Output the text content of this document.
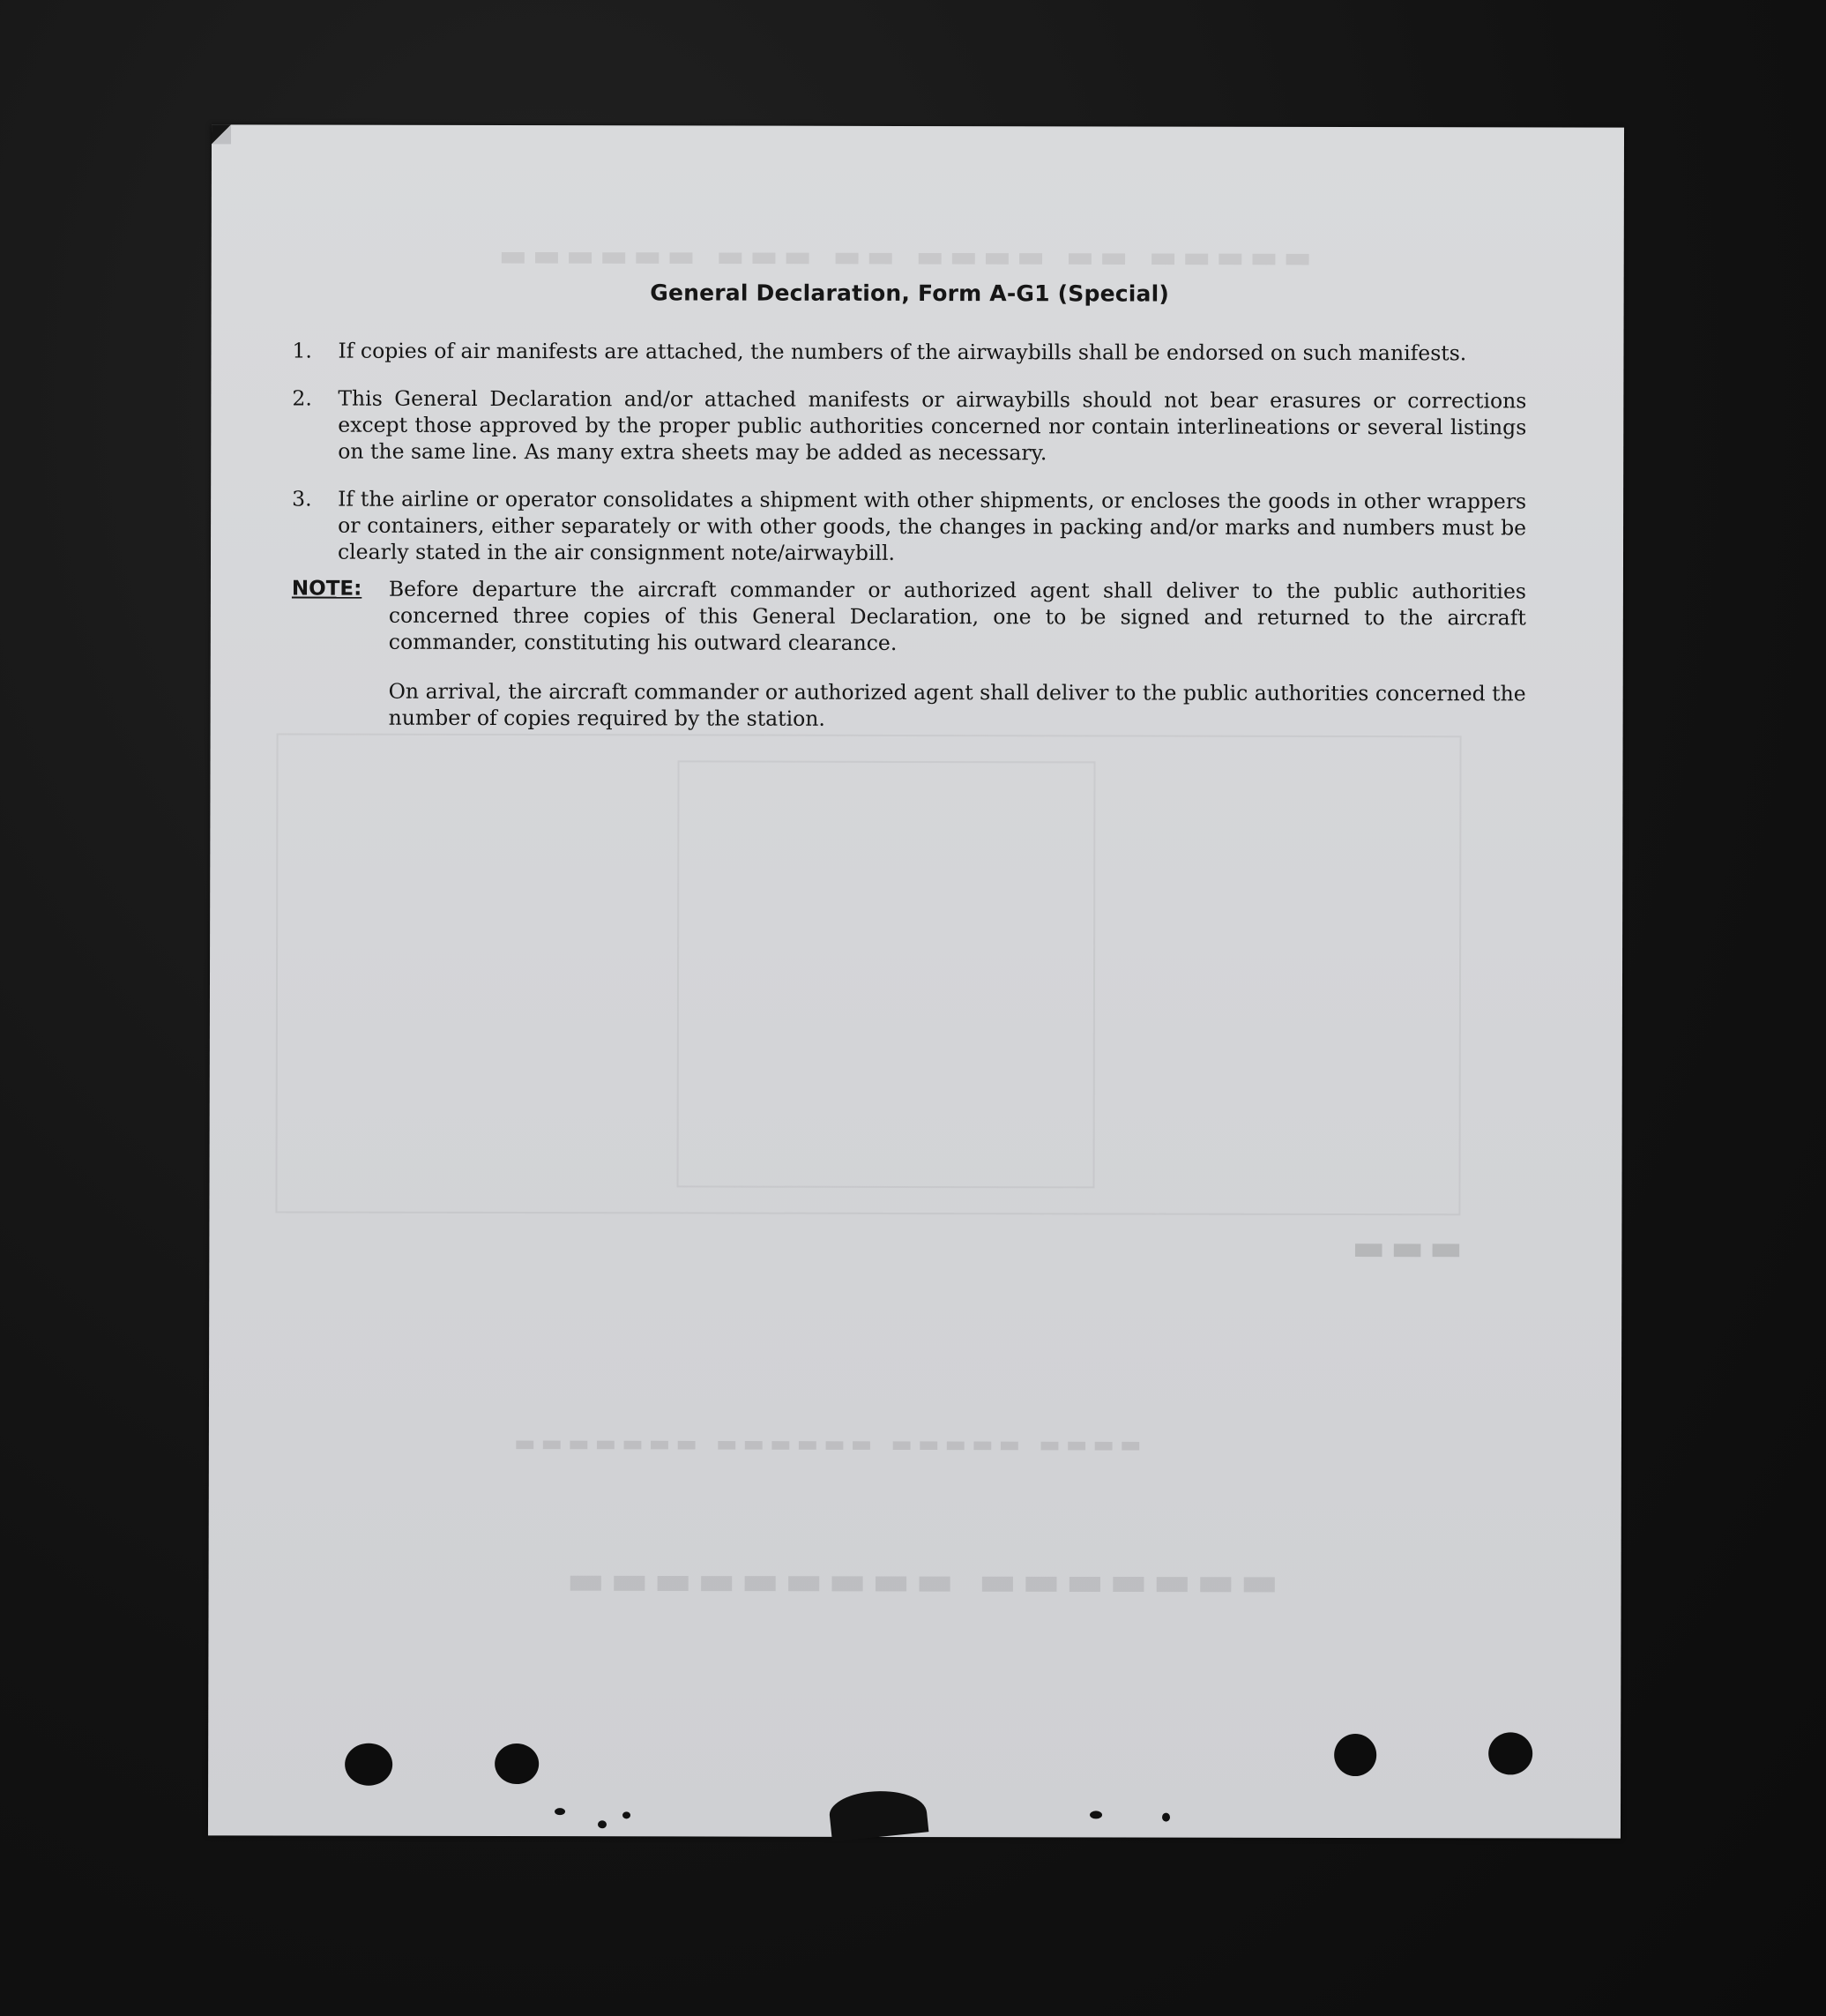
▬▬▬▬▬ ▬▬ ▬▬▬▬ ▬▬ ▬▬▬ ▬▬▬▬▬▬
▬▬▬▬▬▬▬ ▬▬▬▬▬▬▬▬▬
▬▬▬▬ ▬▬▬▬▬ ▬▬▬▬▬▬ ▬▬▬▬▬▬▬
▬▬▬
General Declaration, Form A-G1 (Special)
1.	If copies of air manifests are attached, the numbers of the airwaybills shall be endorsed on such manifests.
2.	This General Declaration and/or attached manifests or airwaybills should not bear erasures or corrections except those approved by the proper public authorities concerned nor contain interlineations or several listings on the same line. As many extra sheets may be added as necessary.
3.	If the airline or operator consolidates a shipment with other shipments, or encloses the goods in other wrappers or containers, either separately or with other goods, the changes in packing and/or marks and numbers must be clearly stated in the air consignment note/airwaybill.
NOTE:	Before departure the aircraft commander or authorized agent shall deliver to the public authorities concerned three copies of this General Declaration, one to be signed and returned to the aircraft commander, constituting his outward clearance.

On arrival, the aircraft commander or authorized agent shall deliver to the public authorities concerned the number of copies required by the station.
